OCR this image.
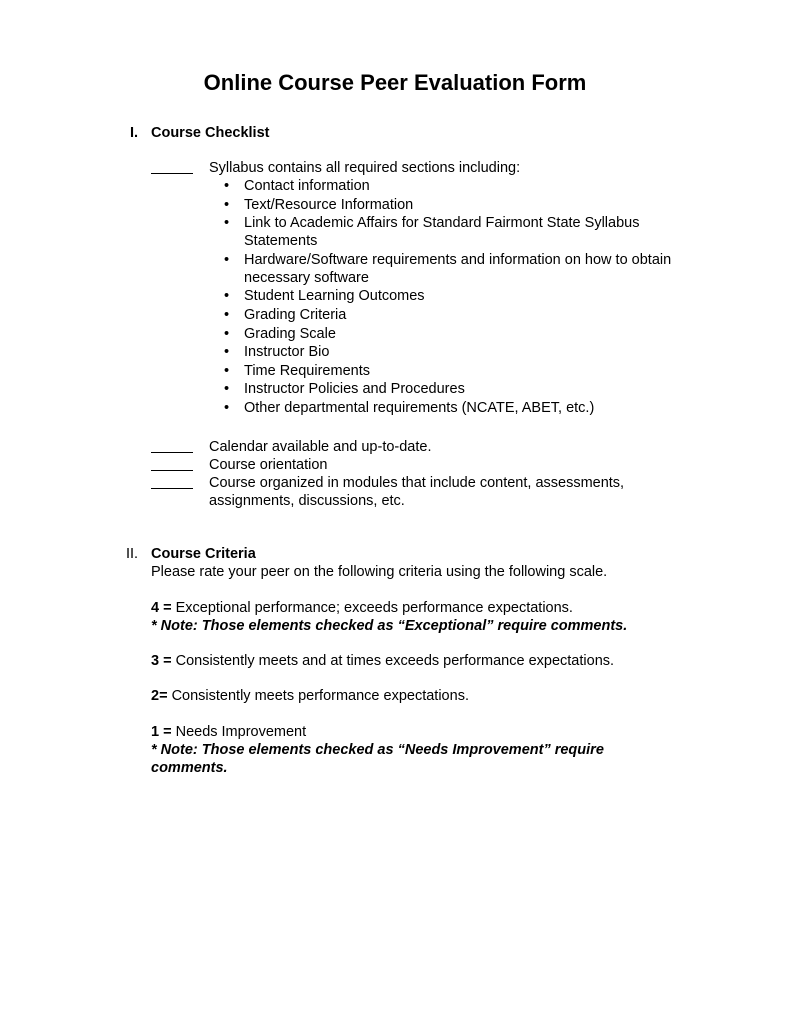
Online Course Peer Evaluation Form
I. Course Checklist
Syllabus contains all required sections including:
• Contact information
• Text/Resource Information
• Link to Academic Affairs for Standard Fairmont State Syllabus Statements
• Hardware/Software requirements and information on how to obtain necessary software
• Student Learning Outcomes
• Grading Criteria
• Grading Scale
• Instructor Bio
• Time Requirements
• Instructor Policies and Procedures
• Other departmental requirements (NCATE, ABET, etc.)
Calendar available and up-to-date.
Course orientation
Course organized in modules that include content, assessments, assignments, discussions, etc.
II. Course Criteria
Please rate your peer on the following criteria using the following scale.
4 = Exceptional performance; exceeds performance expectations.
* Note: Those elements checked as “Exceptional” require comments.
3 = Consistently meets and at times exceeds performance expectations.
2= Consistently meets performance expectations.
1 = Needs Improvement
* Note: Those elements checked as “Needs Improvement” require comments.
